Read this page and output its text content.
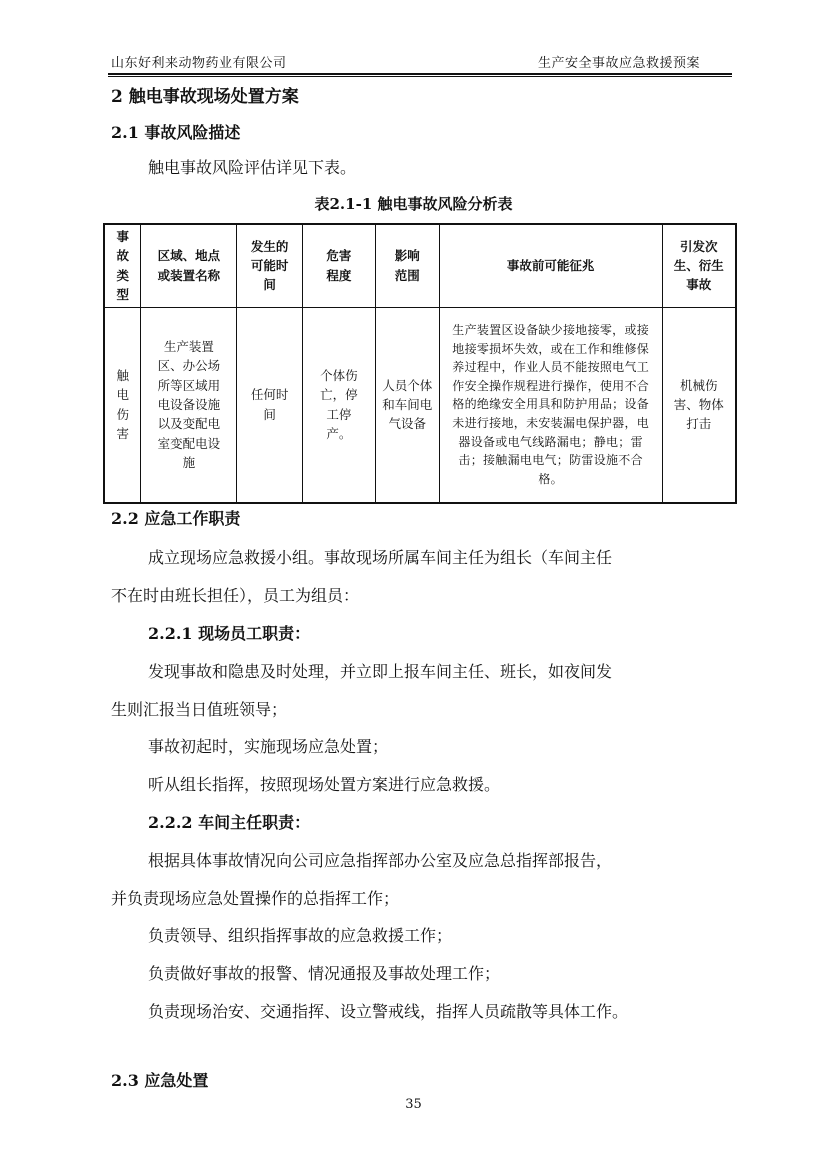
山东好利来动物药业有限公司	生产安全事故应急救援预案
2 触电事故现场处置方案
2.1 事故风险描述
触电事故风险评估详见下表。
表2.1-1 触电事故风险分析表
事故类型	区域、地点或装置名称	发生的可能时间	危害程度	影响范围	事故前可能征兆	引发次生、衍生事故
触电伤害	生产装置区、办公场所等区域用电设备设施以及变配电室变配电设施	任何时间	个体伤亡，停工停产。	人员个体和车间电气设备	生产装置区设备缺少接地接零，或接地接零损坏失效，或在工作和维修保养过程中，作业人员不能按照电气工作安全操作规程进行操作，使用不合格的绝缘安全用具和防护用品；设备未进行接地，未安装漏电保护器，电器设备或电气线路漏电；静电；雷击；接触漏电电气；防雷设施不合格。	机械伤害、物体打击
2.2 应急工作职责
成立现场应急救援小组。事故现场所属车间主任为组长（车间主任
不在时由班长担任），员工为组员：
2.2.1 现场员工职责：
发现事故和隐患及时处理，并立即上报车间主任、班长，如夜间发
生则汇报当日值班领导；
事故初起时，实施现场应急处置；
听从组长指挥，按照现场处置方案进行应急救援。
2.2.2 车间主任职责：
根据具体事故情况向公司应急指挥部办公室及应急总指挥部报告，
并负责现场应急处置操作的总指挥工作；
负责领导、组织指挥事故的应急救援工作；
负责做好事故的报警、情况通报及事故处理工作；
负责现场治安、交通指挥、设立警戒线，指挥人员疏散等具体工作。
2.3 应急处置
35
